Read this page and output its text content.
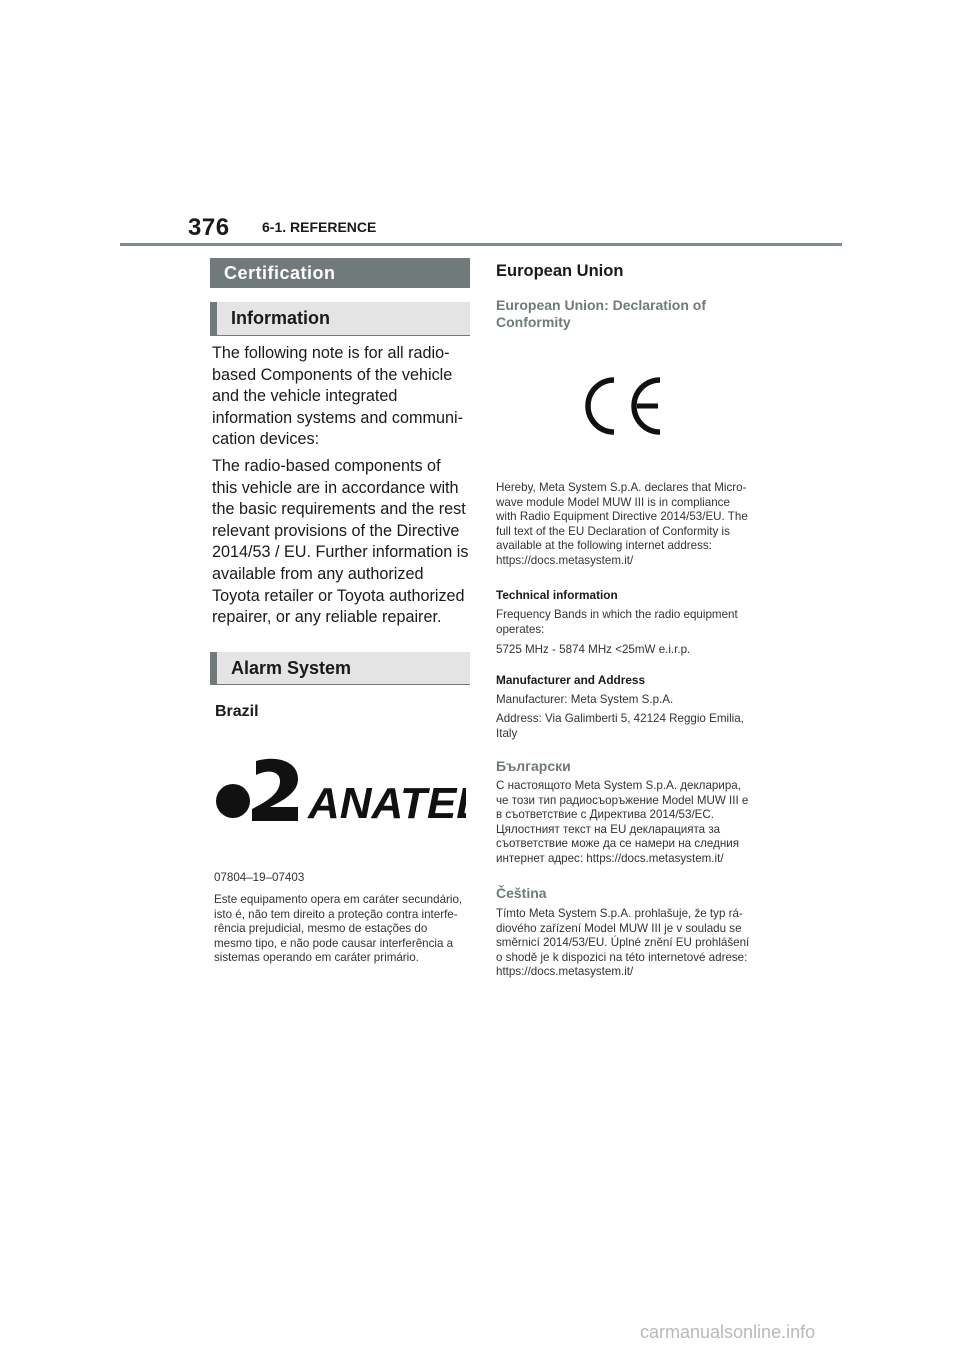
376 6-1. REFERENCE
Certification
Information
The following note is for all radio-based Components of the vehicle and the vehicle integrated information systems and communi-cation devices:
The radio-based components of this vehicle are in accordance with the basic requirements and the rest relevant provisions of the Directive 2014/53 / EU. Further information is available from any authorized Toyota retailer or Toyota authorized repairer, or any reliable repairer.
Alarm System
Brazil
ANATEL
07804–19–07403
Este equipamento opera em caráter secundário, isto é, não tem direito a proteção contra interfe-rência prejudicial, mesmo de estações do mesmo tipo, e não pode causar interferência a sistemas operando em caráter primário.
European Union
European Union: Declaration of Conformity
Hereby, Meta System S.p.A. declares that Micro-wave module Model MUW III is in compliance with Radio Equipment Directive 2014/53/EU. The full text of the EU Declaration of Conformity is available at the following internet address: https://docs.metasystem.it/
Technical information
Frequency Bands in which the radio equipment operates:
5725 MHz - 5874 MHz <25mW e.i.r.p.
Manufacturer and Address
Manufacturer: Meta System S.p.A.
Address: Via Galimberti 5, 42124 Reggio Emilia, Italy
Български
С настоящото Meta System S.p.A. декларира, че този тип радиосъоръжение Model MUW III е в съответствие с Директива 2014/53/ЕС. Цялостният текст на EU декларацията за съответствие може да се намери на следния интернет адрес: https://docs.metasystem.it/
Čeština
Tímto Meta System S.p.A. prohlašuje, že typ rá-diového zařízení Model MUW III je v souladu se směrnicí 2014/53/EU. Úplné znění EU prohlášení o shodě je k dispozici na této internetové adrese: https://docs.metasystem.it/
carmanualsonline.info
